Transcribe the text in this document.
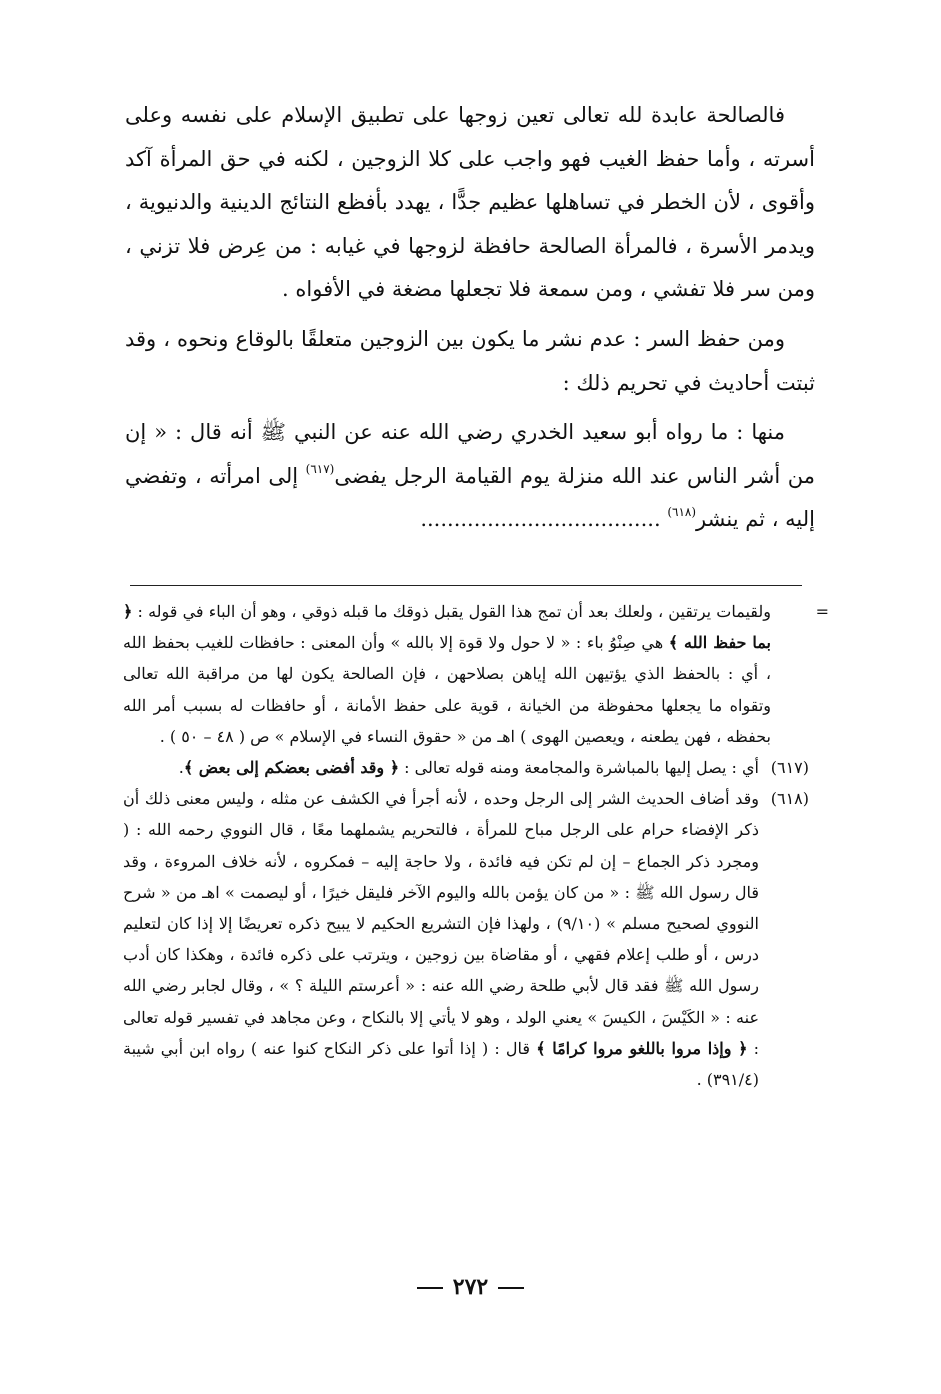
فالصالحة عابدة لله تعالى تعين زوجها على تطبيق الإسلام على نفسه وعلى أسرته ، وأما حفظ الغيب فهو واجب على كلا الزوجين ، لكنه في حق المرأة آكد وأقوى ، لأن الخطر في تساهلها عظيم جدًّا ، يهدد بأفظع النتائج الدينية والدنيوية ، ويدمر الأسرة ، فالمرأة الصالحة حافظة لزوجها في غيابه : من عِرض فلا تزني ، ومن سر فلا تفشي ، ومن سمعة فلا تجعلها مضغة في الأفواه .

ومن حفظ السر : عدم نشر ما يكون بين الزوجين متعلقًا بالوقاع ونحوه ، وقد ثبتت أحاديث في تحريم ذلك :

منها : ما رواه أبو سعيد الخدري رضي الله عنه عن النبي ﷺ أنه قال : « إن من أشر الناس عند الله منزلة يوم القيامة الرجل يفضى$^{(٦١٧)}$ إلى امرأته ، وتفضي إليه ، ثم ينشر$^{(٦١٨)}$ ....................................

=
ولقيمات يرتقين ، ولعلك بعد أن تمج هذا القول يقبل ذوقك ما قبله ذوقي ، وهو أن الباء في قوله : ﴿ بما حفظ الله ﴾ هي صِنْوُ باء : « لا حول ولا قوة إلا بالله » وأن المعنى : حافظات للغيب بحفظ الله ، أي : بالحفظ الذي يؤتيهن الله إياهن بصلاحهن ، فإن الصالحة يكون لها من مراقبة الله تعالى وتقواه ما يجعلها محفوظة من الخيانة ، قوية على حفظ الأمانة ، أو حافظات له بسبب أمر الله بحفظه ، فهن يطعنه ، ويعصين الهوى ) اهـ من « حقوق النساء في الإسلام » ص ( ٤٨ – ٥٠ ) .

(٦١٧)
أي : يصل إليها بالمباشرة والمجامعة ومنه قوله تعالى : ﴿ وقد أفضى بعضكم إلى بعض ﴾.

(٦١٨)
وقد أضاف الحديث الشر إلى الرجل وحده ، لأنه أجرأ في الكشف عن مثله ، وليس معنى ذلك أن ذكر الإفضاء حرام على الرجل مباح للمرأة ، فالتحريم يشملهما معًا ، قال النووي رحمه الله : ( ومجرد ذكر الجماع – إن لم تكن فيه فائدة ، ولا حاجة إليه – فمكروه ، لأنه خلاف المروءة ، وقد قال رسول الله ﷺ : « من كان يؤمن بالله واليوم الآخر فليقل خيرًا ، أو ليصمت » اهـ من « شرح النووي لصحيح مسلم » (٩/١٠) ، ولهذا فإن التشريع الحكيم لا يبيح ذكره تعريضًا إلا إذا كان لتعليم درس ، أو طلب إعلام فقهي ، أو مقاضاة بين زوجين ، ويترتب على ذكره فائدة ، وهكذا كان أدب رسول الله ﷺ فقد قال لأبي طلحة رضي الله عنه : « أعرستم الليلة ؟ » ، وقال لجابر رضي الله عنه : « الكَيْسَ ، الكيسَ » يعني الولد ، وهو لا يأتي إلا بالنكاح ، وعن مجاهد في تفسير قوله تعالى : ﴿ وإذا مروا باللغو مروا كرامًا ﴾ قال : ( إذا أتوا على ذكر النكاح كنوا عنه ) رواه ابن أبي شيبة (٣٩١/٤) .

٢٧٢
